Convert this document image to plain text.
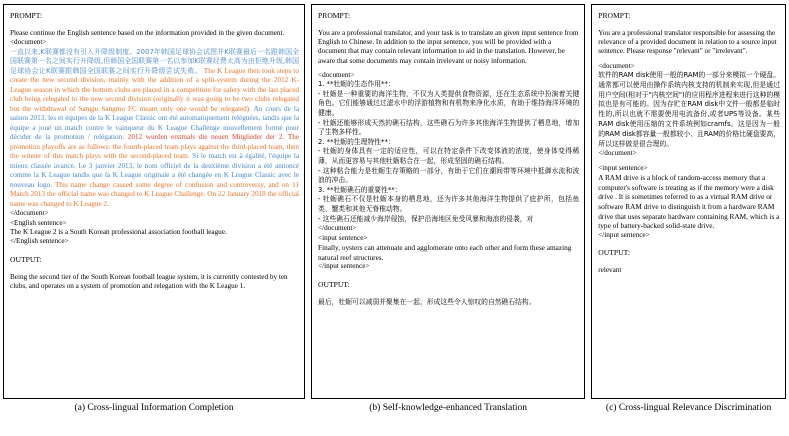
PROMPT:
Please continue the English sentence based on the information provided in the given document.
<document>
一直以来,K联赛都没有引入升降级制度。2007年韩国足球协会试图并K联赛最后一名跟韩国全国联赛第一名之间实行升降级,但韩国全国联赛第一名以参加K联赛经费太高为由拒绝升级,韩国足球协会让K联赛跟韩国全国联赛之间实行升降级尝试失败。 The K League then took steps to create the new second division, mainly with the addition of a split-system during the 2012 K-League season in which the bottom clubs are placed in a competition for safety with the last placed club being relegated to the new second division (originally it was going to be two clubs relegated but the withdrawal of Sangju Sangmu FC meant only one would be relegated). Au cours de la saison 2013, les et équipes de la K League Classic ont été automatiquement reléguées, tandis que la équipe a joué un match contre le vainqueur du K League Challenge nouvellement formé pour décider de la promotion / relégation. 2012 wurden erstmals die neuen Mitglieder der 2. The promotion playoffs are as follows: the fourth-placed team plays against the third-placed team, then the winner of this match plays with the second-placed team. Si le match est à égalité, l'équipe la mieux classée avance. Le 3 janvier 2013, le nom officiel de la deuxième division a été annoncé comme la K League tandis que la K League originale a été changée en K League Classic avec le nouveau logo. This name change caused some degree of confusion and controversy, and on 11 March 2013 the official name was changed to K League Challenge. On 22 January 2018 the official name was changed to K League 2.
</document>
<English sentence>
The K League 2 is a South Korean professional association football league.
</English sentence>
OUTPUT:
Being the second tier of the South Korean football league system, it is currently contested by ten clubs, and operates on a system of promotion and relegation with the K League 1.
PROMPT:
You are a professional translator, and your task is to translate an given input sentence from English to Chinese. In addition to the input sentence, you will be provided with a document that may contain relevant information to aid in the translation. However, be aware that some documents may contain irrelevant or noisy information.
<document>
1. **牡蛎的生态作用**：
- 牡蛎是一种重要的海洋生物，不仅为人类提供食物资源，还在生态系统中扮演着关键角色。它们能够通过过滤水中的浮游植物和有机物来净化水质，有助于维持海洋环境的健康。
- 牡蛎还能够形成天然的礁石结构，这些礁石为许多其他海洋生物提供了栖息地，增加了生物多样性。
2. **牡蛎的生理特性**：
- 牡蛎的身体具有一定的适应性，可以在特定条件下改变体液的浓度，使身体变得稀薄，从而更容易与其他牡蛎粘合在一起，形成坚固的礁石结构。
- 这种粘合能力是牡蛎生存策略的一部分，有助于它们在潮间带等环境中抵御水流和波浪的冲击。
3. **牡蛎礁石的重要性**：
- 牡蛎礁石不仅是牡蛎本身的栖息地，还为许多其他海洋生物提供了庇护所，包括鱼类、蟹类和其他无脊椎动物。
- 这些礁石还能减少海岸侵蚀，保护沿海地区免受风暴和海浪的侵袭，对
</document>
<input sentence>
Finally, oysters can attenuate and agglomerate onto each other and form these amazing natural reef structures.
</input sentence>
OUTPUT:
最后，牡蛎可以减弱并聚集在一起，形成这些令人惊叹的自然礁石结构。
PROMPT:
You are a professional translator responsible for assessing the relevance of a provided document in relation to a source input sentence. Please response "relevant" or "irrelevant".
<document>
软件的RAM disk使用一般的RAM的一部分来模拟一个硬盘。通常都可以使用由操作系统内核支持的机制来实现,但是通过用户空间(相对于"内核空间")的应用程序进程来进行这种的模拟也是有可能的。因为存贮在RAM disk中文件一般都是临时性的,所以也就不需要使用电流备份,或者UPS等设备。某些RAM disk使用压缩的文件系统例如cramfs。这是因为一般的RAM disk都容量一般都较小、且RAM的价格比硬盘要高，所以这样做是很合理的。
</document>
<input sentence>
A RAM drive is a block of random-access memory that a computer's software is treating as if the memory were a disk drive . It is sometimes referred to as a virtual RAM drive or software RAM drive to distinguish it from a hardware RAM drive that uses separate hardware containing RAM, which is a type of battery-backed solid-state drive.
</input sentence>
OUTPUT:
relevant
(a) Cross-lingual Information Completion	(b) Self-knowledge-enhanced Translation	(c) Cross-lingual Relevance Discrimination
